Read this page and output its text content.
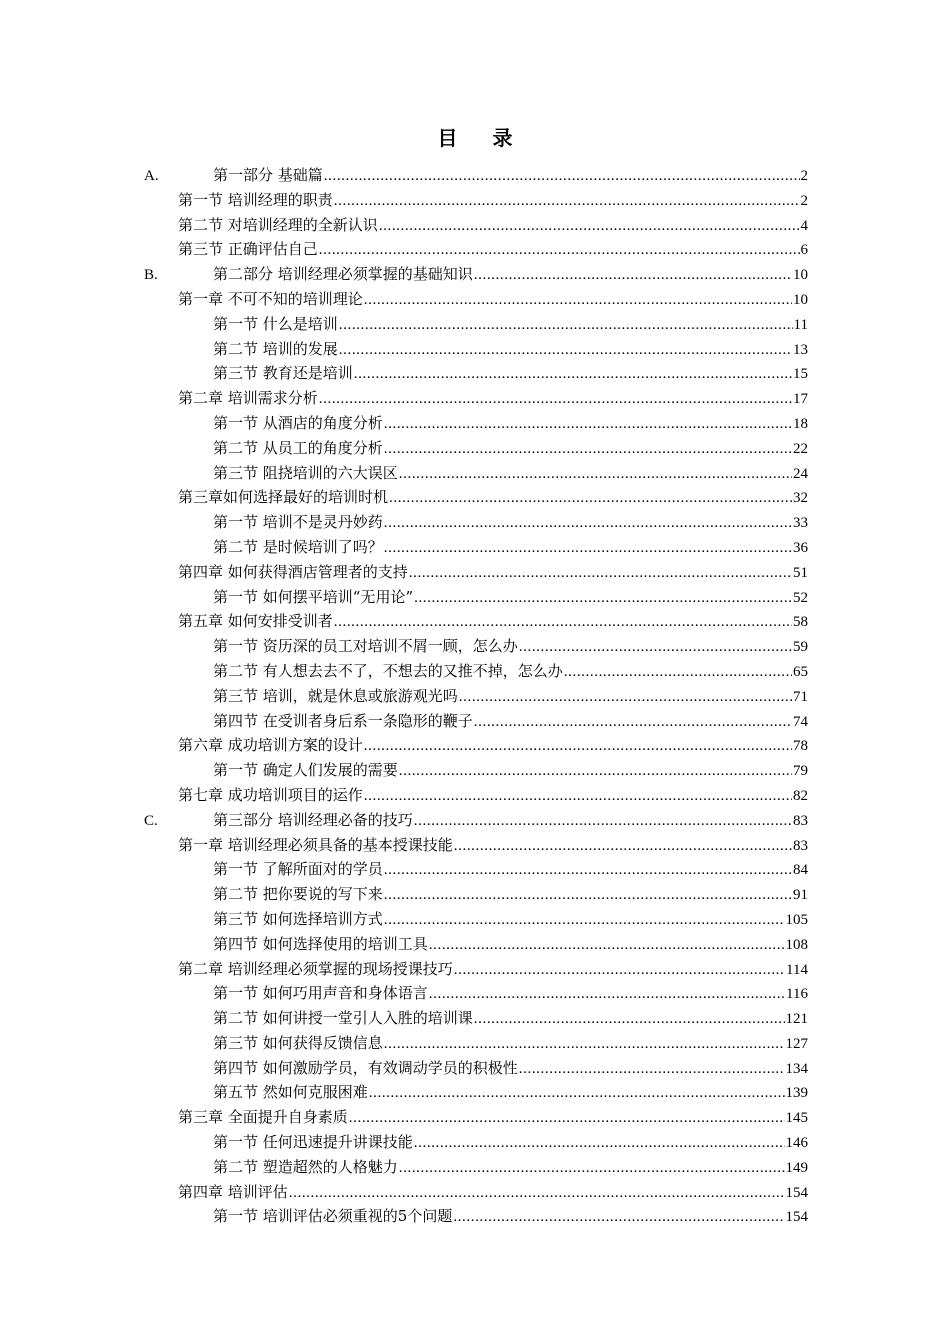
目 录
A.	第一部分 基础篇 .....	2
第一节 培训经理的职责 .....	2
第二节 对培训经理的全新认识 .....	4
第三节 正确评估自己 .....	6
B.	第二部分 培训经理必须掌握的基础知识 .....	10
第一章 不可不知的培训理论 .....	10
第一节 什么是培训 .....	11
第二节 培训的发展 .....	13
第三节 教育还是培训 .....	15
第二章 培训需求分析 .....	17
第一节 从酒店的角度分析 .....	18
第二节 从员工的角度分析 .....	22
第三节 阻挠培训的六大误区 .....	24
第三章如何选择最好的培训时机 .....	32
第一节 培训不是灵丹妙药 .....	33
第二节 是时候培训了吗？ .....	36
第四章 如何获得酒店管理者的支持 .....	51
第一节 如何摆平培训“无用论” .....	52
第五章 如何安排受训者 .....	58
第一节 资历深的员工对培训不屑一顾，怎么办 .....	59
第二节 有人想去去不了，不想去的又推不掉，怎么办 .....	65
第三节 培训，就是休息或旅游观光吗 .....	71
第四节 在受训者身后系一条隐形的鞭子 .....	74
第六章 成功培训方案的设计 .....	78
第一节 确定人们发展的需要 .....	79
第七章 成功培训项目的运作 .....	82
C.	第三部分 培训经理必备的技巧 .....	83
第一章 培训经理必须具备的基本授课技能 .....	83
第一节 了解所面对的学员 .....	84
第二节 把你要说的写下来 .....	91
第三节 如何选择培训方式 .....	105
第四节 如何选择使用的培训工具 .....	108
第二章 培训经理必须掌握的现场授课技巧 .....	114
第一节 如何巧用声音和身体语言 .....	116
第二节 如何讲授一堂引人入胜的培训课 .....	121
第三节 如何获得反馈信息 .....	127
第四节 如何激励学员，有效调动学员的积极性 .....	134
第五节 然如何克服困难 .....	139
第三章 全面提升自身素质 .....	145
第一节 任何迅速提升讲课技能 .....	146
第二节 塑造超然的人格魅力 .....	149
第四章 培训评估 .....	154
第一节 培训评估必须重视的5个问题 .....	154
